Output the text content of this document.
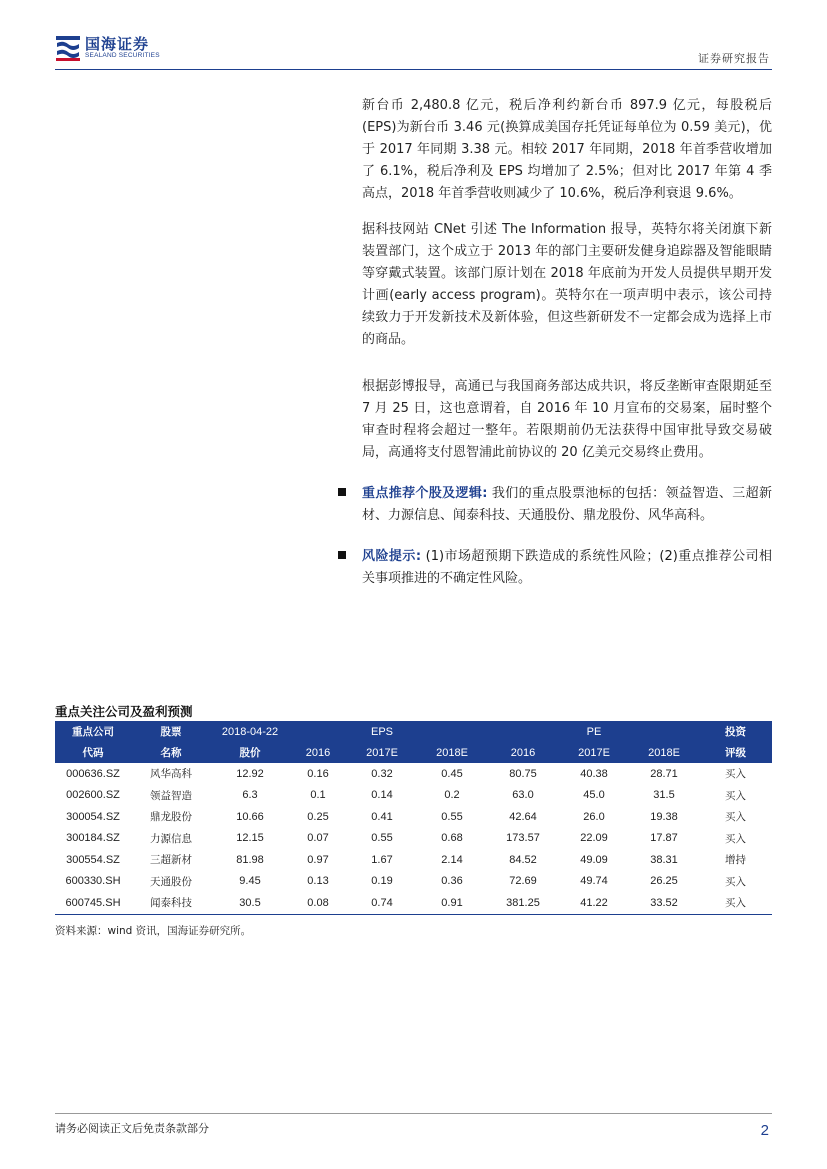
国海证券
SEALAND SECURITIES	证券研究报告

新台币 2,480.8 亿元，税后净利约新台币 897.9 亿元，每股税后(EPS)为新台币 3.46 元(换算成美国存托凭证每单位为 0.59 美元)，优于 2017 年同期 3.38 元。相较 2017 年同期，2018 年首季营收增加了 6.1%，税后净利及 EPS 均增加了 2.5%；但对比 2017 年第 4 季高点，2018 年首季营收则减少了 10.6%，税后净利衰退 9.6%。

据科技网站 CNet 引述 The Information 报导，英特尔将关闭旗下新装置部门，这个成立于 2013 年的部门主要研发健身追踪器及智能眼睛等穿戴式装置。该部门原计划在 2018 年底前为开发人员提供早期开发计画(early access program)。英特尔在一项声明中表示，该公司持续致力于开发新技术及新体验，但这些新研发不一定都会成为选择上市的商品。

根据彭博报导，高通已与我国商务部达成共识，将反垄断审查限期延至 7 月 25 日，这也意谓着，自 2016 年 10 月宣布的交易案，届时整个审查时程将会超过一整年。若限期前仍无法获得中国审批导致交易破局，高通将支付恩智浦此前协议的 20 亿美元交易终止费用。

重点推荐个股及逻辑: 我们的重点股票池标的包括：领益智造、三超新材、力源信息、闻泰科技、天通股份、鼎龙股份、风华高科。
风险提示: (1)市场超预期下跌造成的系统性风险；(2)重点推荐公司相关事项推进的不确定性风险。
重点关注公司及盈利预测
重点公司	股票	2018-04-22		EPS			PE		投资
代码	名称	股价	2016	2017E	2018E	2016	2017E	2018E	评级
000636.SZ	风华高科	12.92	0.16	0.32	0.45	80.75	40.38	28.71	买入
002600.SZ	领益智造	6.3	0.1	0.14	0.2	63.0	45.0	31.5	买入
300054.SZ	鼎龙股份	10.66	0.25	0.41	0.55	42.64	26.0	19.38	买入
300184.SZ	力源信息	12.15	0.07	0.55	0.68	173.57	22.09	17.87	买入
300554.SZ	三超新材	81.98	0.97	1.67	2.14	84.52	49.09	38.31	增持
600330.SH	天通股份	9.45	0.13	0.19	0.36	72.69	49.74	26.25	买入
600745.SH	闻泰科技	30.5	0.08	0.74	0.91	381.25	41.22	33.52	买入
资料来源：wind 资讯，国海证券研究所。
请务必阅读正文后免责条款部分	2
